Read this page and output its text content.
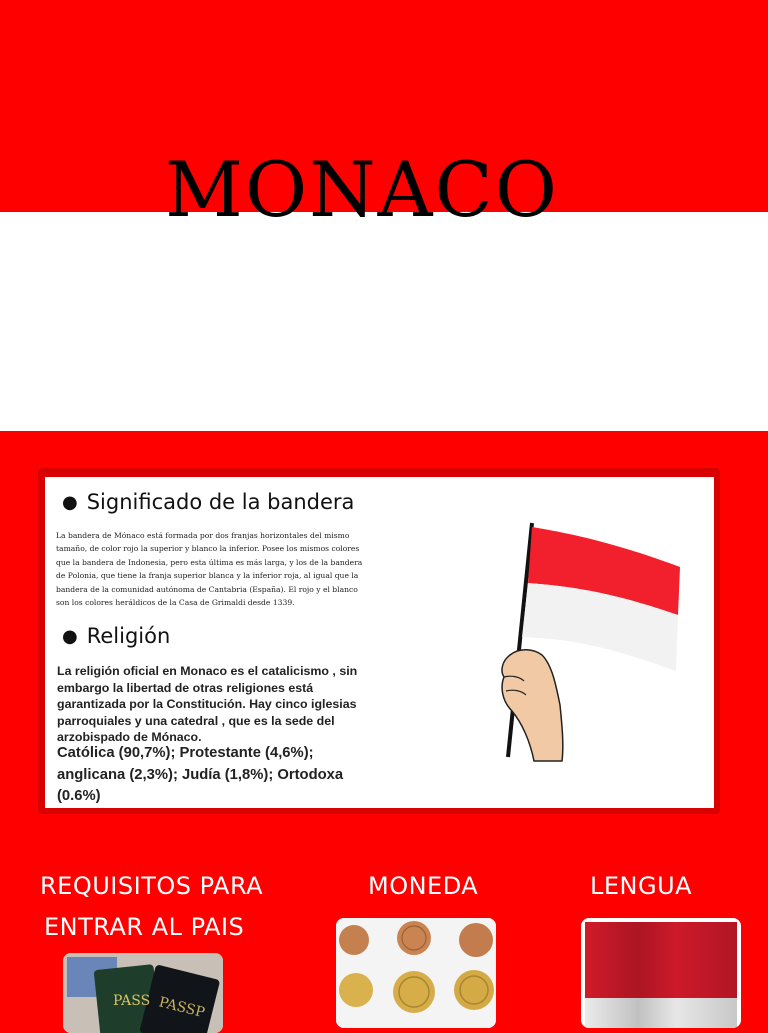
MONACO
● Significado de la bandera

La bandera de Mónaco está formada por dos franjas horizontales del mismo tamaño, de color rojo la superior y blanco la inferior. Posee los mismos colores que la bandera de Indonesia, pero esta última es más larga, y los de la bandera de Polonia, que tiene la franja superior blanca y la inferior roja, al igual que la bandera de la comunidad autónoma de Cantabria (España). El rojo y el blanco son los colores heráldicos de la Casa de Grimaldi desde 1339.

● Religión

La religión oficial en Monaco es el catalicismo , sin embargo la libertad de otras religiones está garantizada por la Constitución. Hay cinco iglesias parroquiales y una catedral , que es la sede del arzobispado de Mónaco.

Católica (90,7%); Protestante (4,6%); anglicana (2,3%); Judía (1,8%); Ortodoxa (0.6%)

REQUISITOS PARA

ENTRAR AL PAIS

MONEDA	LENGUA

PASS PASSP
